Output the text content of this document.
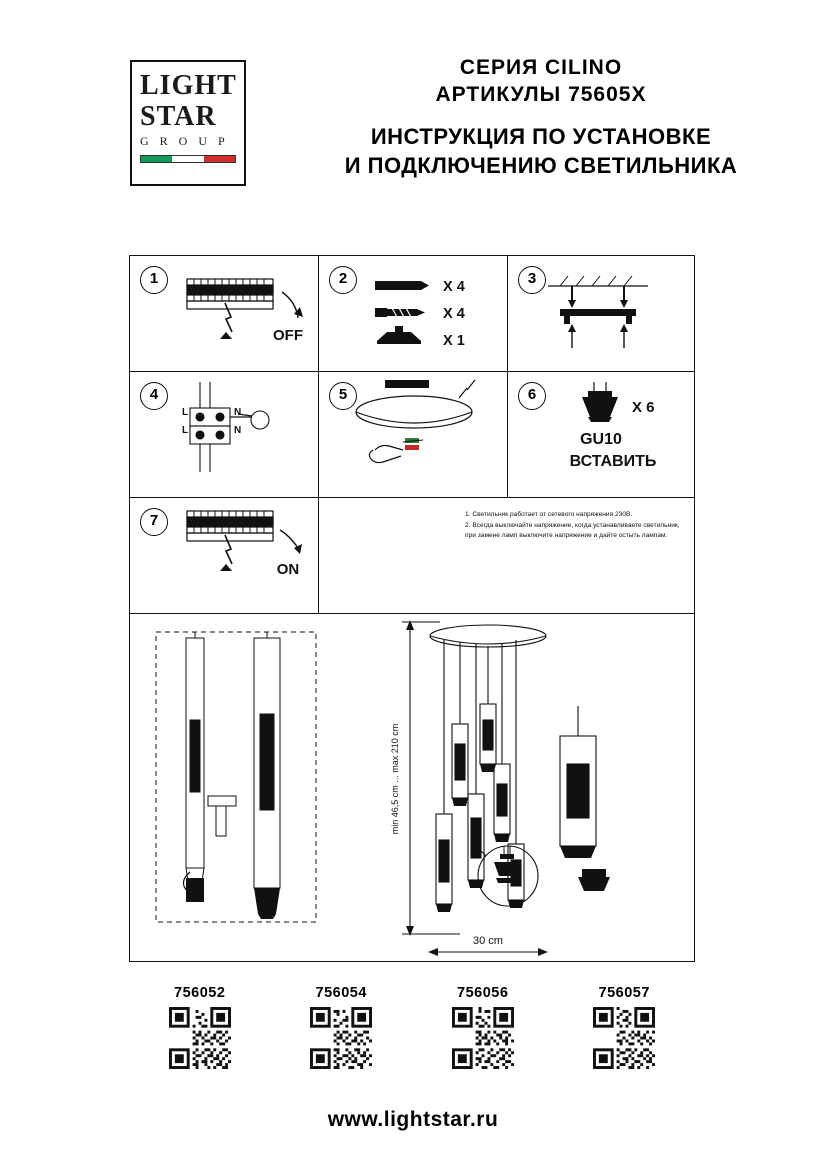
LIGHT
STAR
G R O U P
СЕРИЯ CILINO
АРТИКУЛЫ 75605X
ИНСТРУКЦИЯ ПО УСТАНОВКЕ
И ПОДКЛЮЧЕНИЮ СВЕТИЛЬНИКА
1
OFF
2	X 4
X 4
X 1
3
4
L	N
L	N
5	6
X 6
GU10
ВСТАВИТЬ
7
ON
1. Светильник работает от сетевого напряжения 230В.
2. Всегда выключайте напряжение, когда устанавливаете светильник,
при замене ламп выключите напряжение и дайте остыть лампам.
min 46,5 cm ... max 210 cm
30 cm
756052	756054	756056	756057
www.lightstar.ru
